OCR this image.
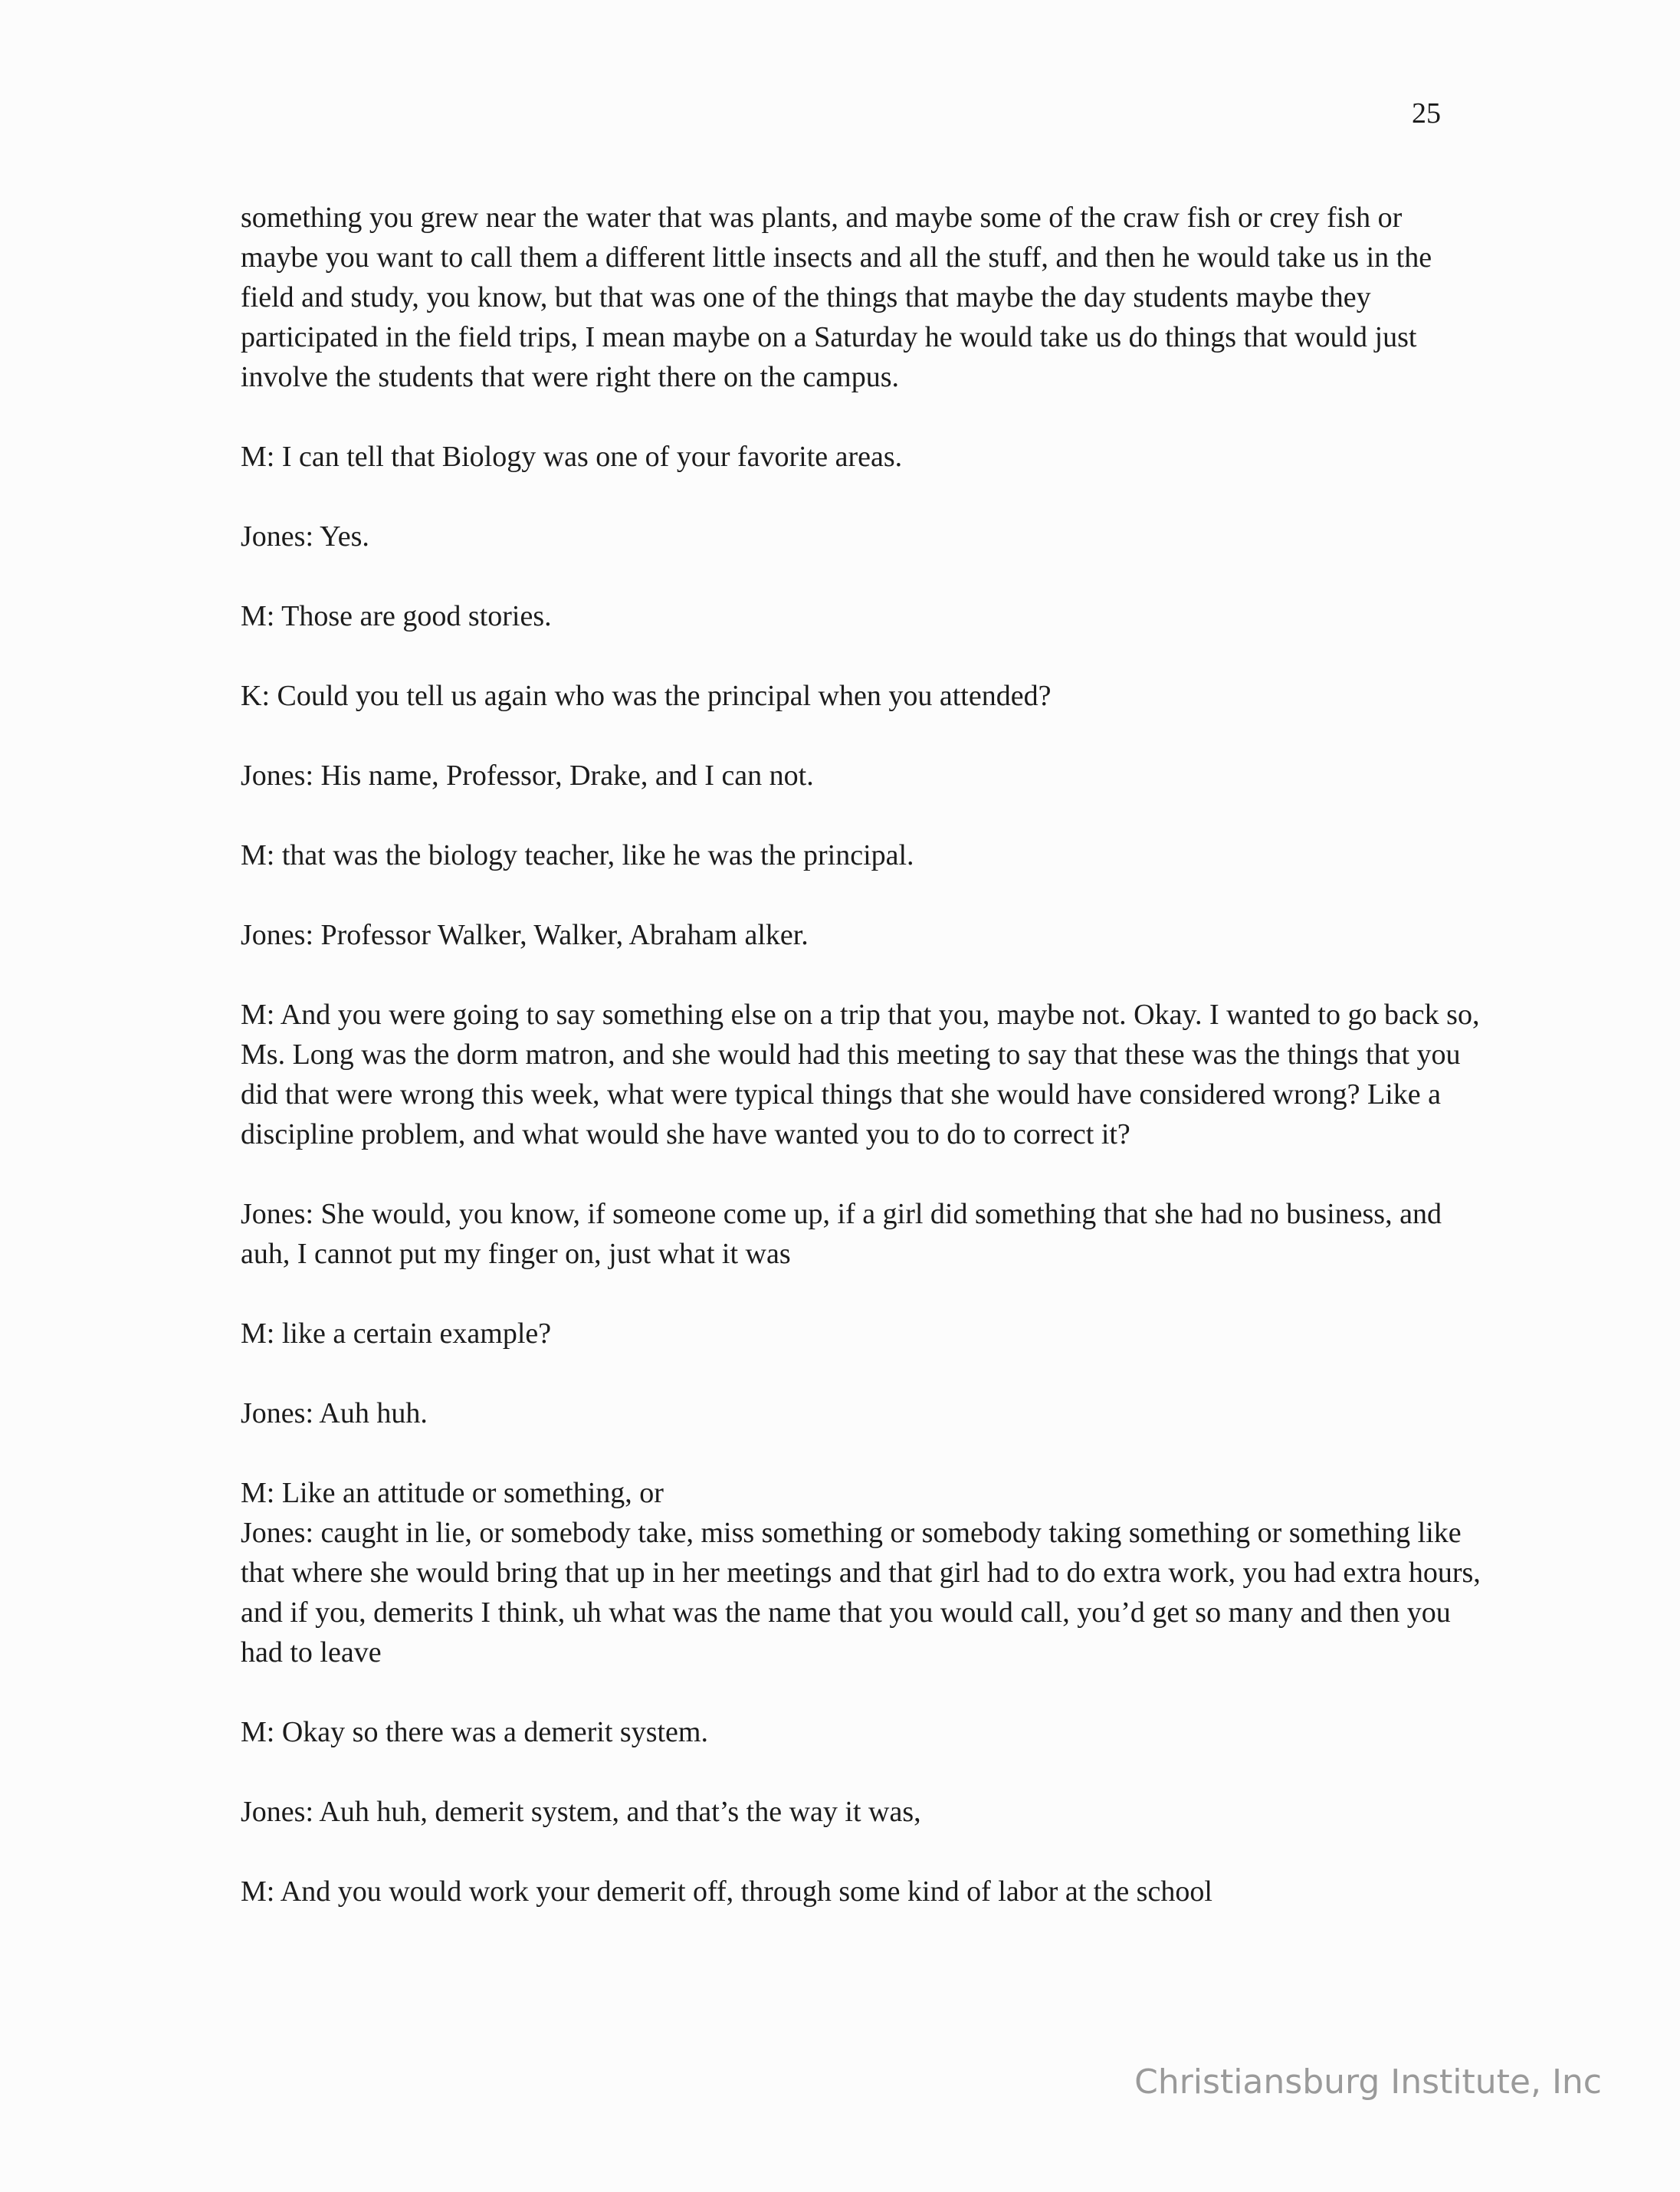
25

something you grew near the water that was plants, and maybe some of the craw fish or crey fish or maybe you want to call them a different little insects and all the stuff, and then he would take us in the field and study, you know, but that was one of the things that maybe the day students maybe they participated in the field trips, I mean maybe on a Saturday he would take us do things that would just involve the students that were right there on the campus.

M: I can tell that Biology was one of your favorite areas.

Jones: Yes.

M: Those are good stories.

K: Could you tell us again who was the principal when you attended?

Jones: His name, Professor, Drake, and I can not.

M: that was the biology teacher, like he was the principal.

Jones: Professor Walker, Walker, Abraham alker.

M: And you were going to say something else on a trip that you, maybe not. Okay. I wanted to go back so, Ms. Long was the dorm matron, and she would had this meeting to say that these was the things that you did that were wrong this week, what were typical things that she would have considered wrong? Like a discipline problem, and what would she have wanted you to do to correct it?

Jones: She would, you know, if someone come up, if a girl did something that she had no business, and auh, I cannot put my finger on, just what it was

M: like a certain example?

Jones: Auh huh.

M: Like an attitude or something, or

Jones: caught in lie, or somebody take, miss something or somebody taking something or something like that where she would bring that up in her meetings and that girl had to do extra work, you had extra hours, and if you, demerits I think, uh what was the name that you would call, you’d get so many and then you had to leave

M: Okay so there was a demerit system.

Jones: Auh huh, demerit system, and that’s the way it was,

M: And you would work your demerit off, through some kind of labor at the school

Christiansburg Institute, Inc
